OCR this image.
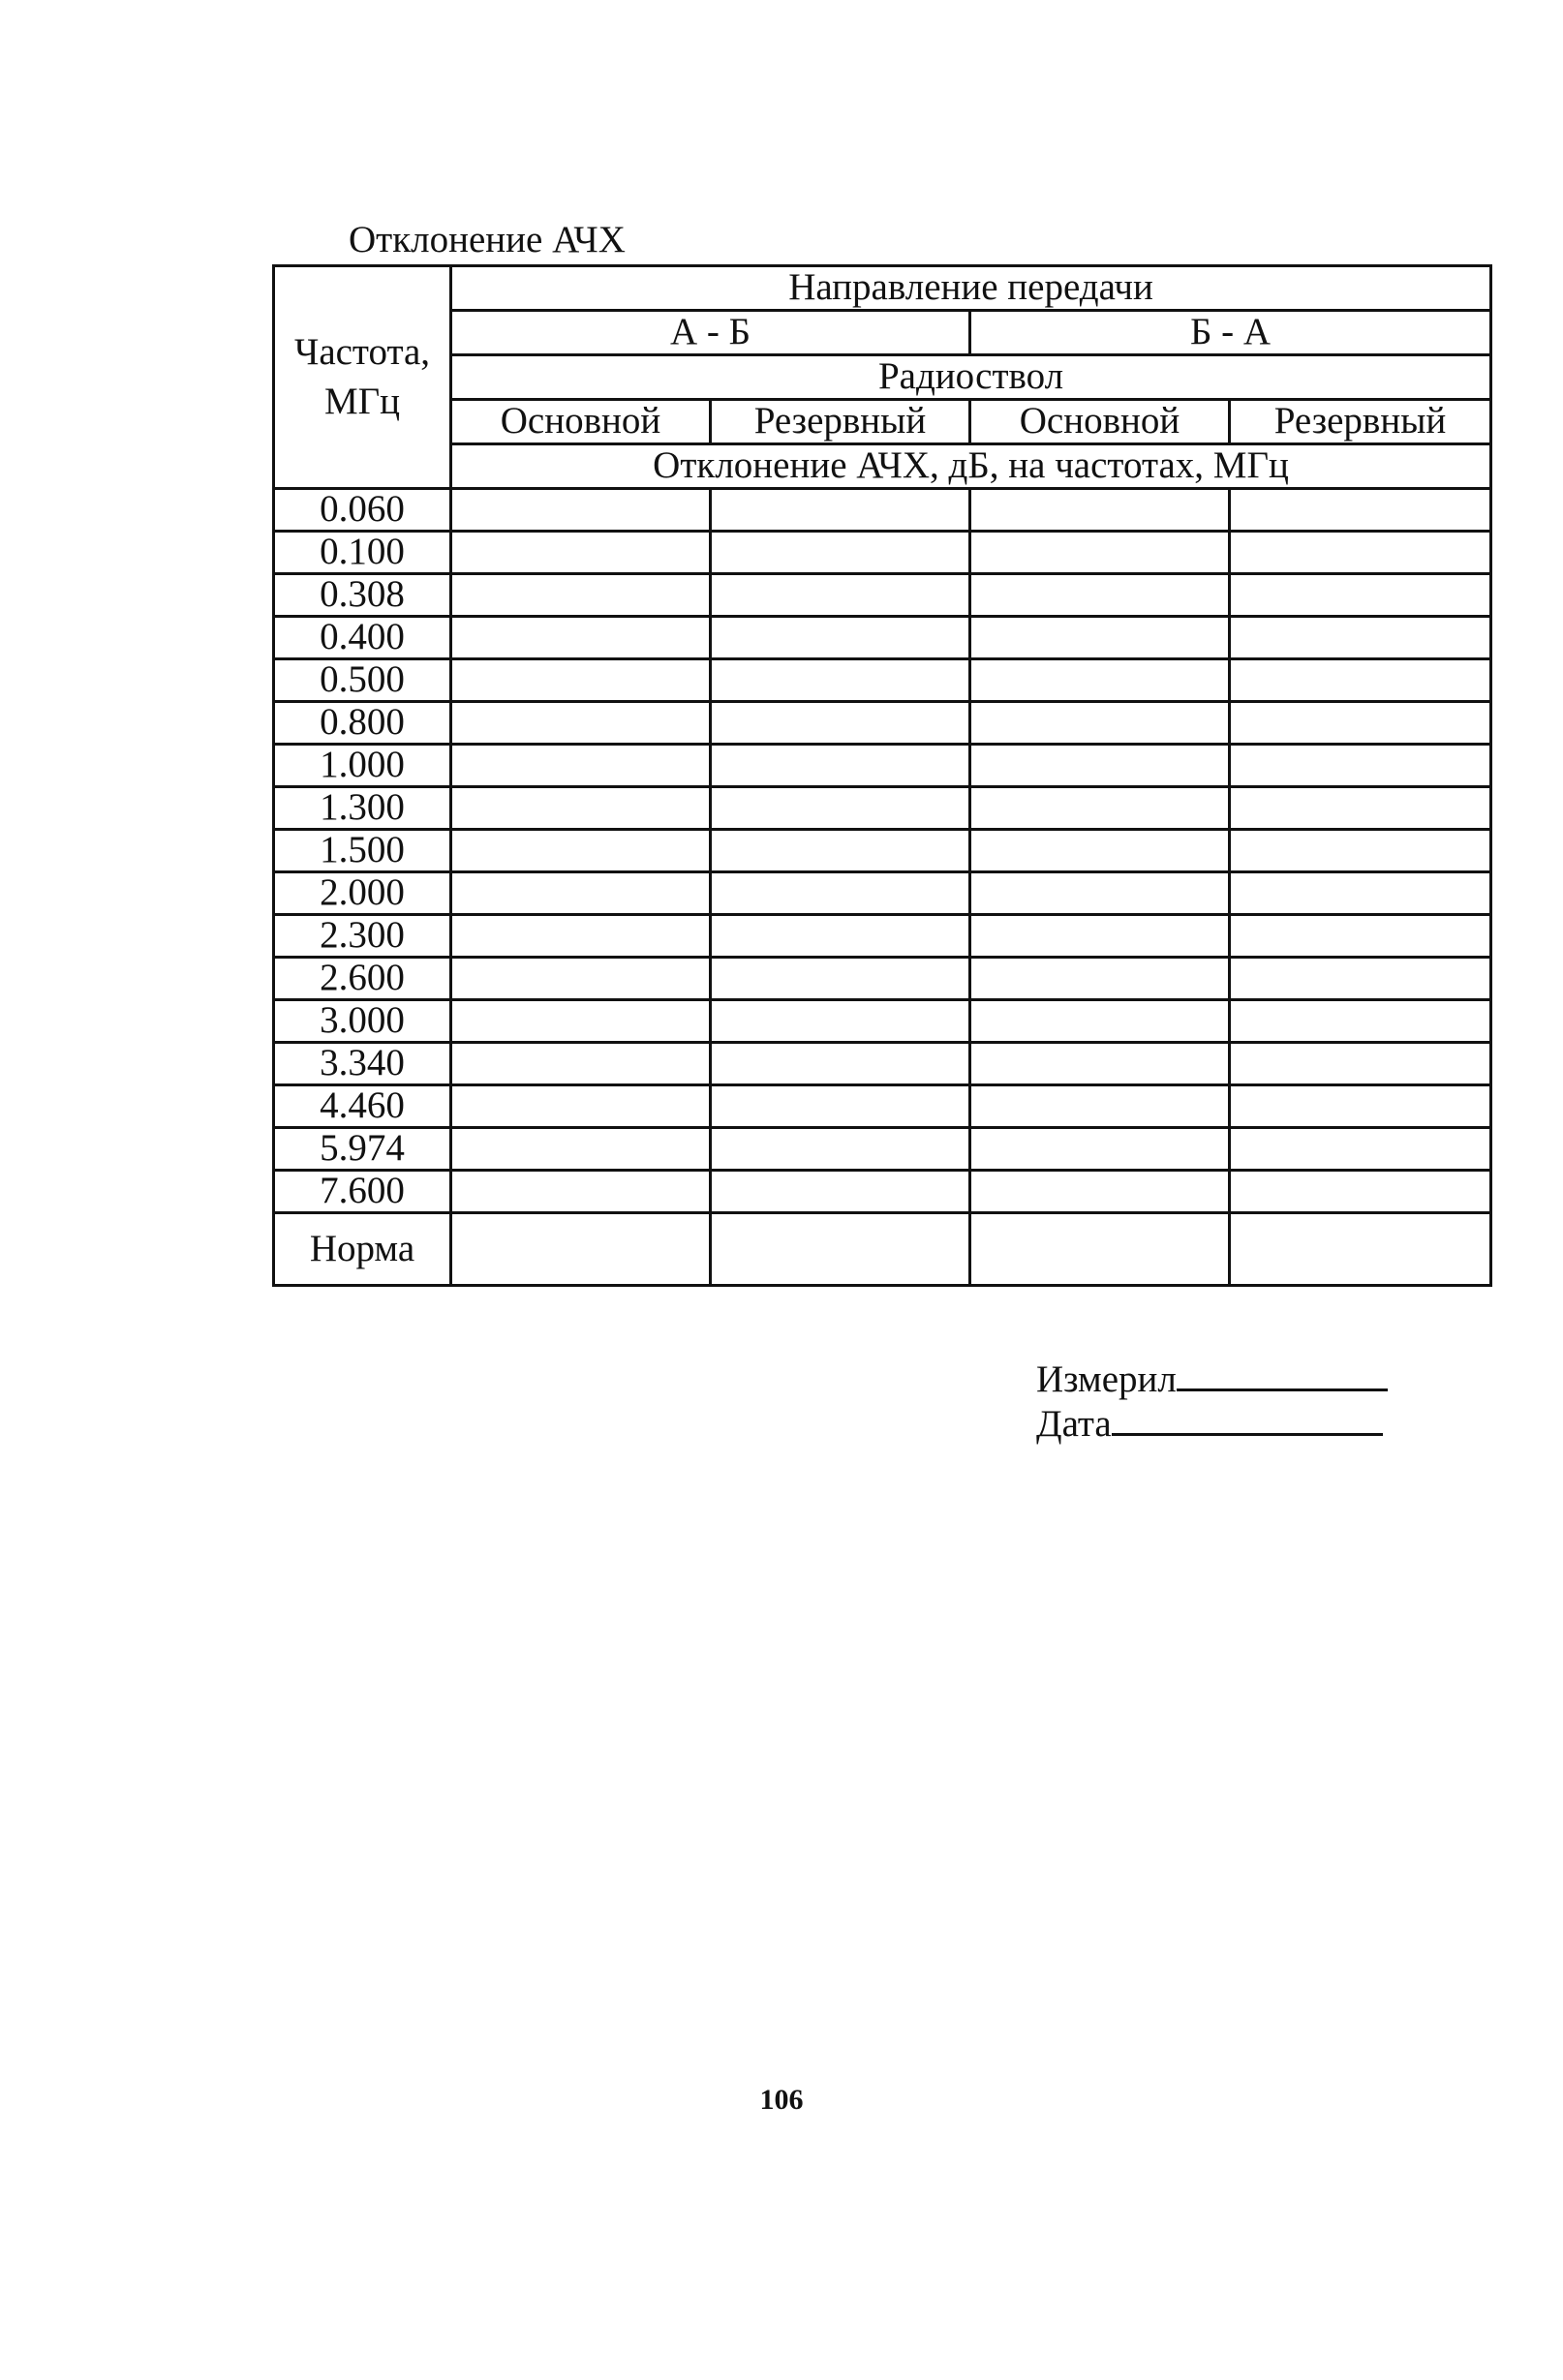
Отклонение АЧХ
Частота, МГц	Направление передачи			
	А - Б		Б - А	
	Радиоствол			
	Основной	Резервный	Основной	Резервный
	Отклонение АЧХ, дБ, на частотах, МГц			
0.060				
0.100				
0.308				
0.400				
0.500				
0.800				
1.000				
1.300				
1.500				
2.000				
2.300				
2.600				
3.000				
3.340				
4.460				
5.974				
7.600				
Норма				
Измерил
Дата
106
